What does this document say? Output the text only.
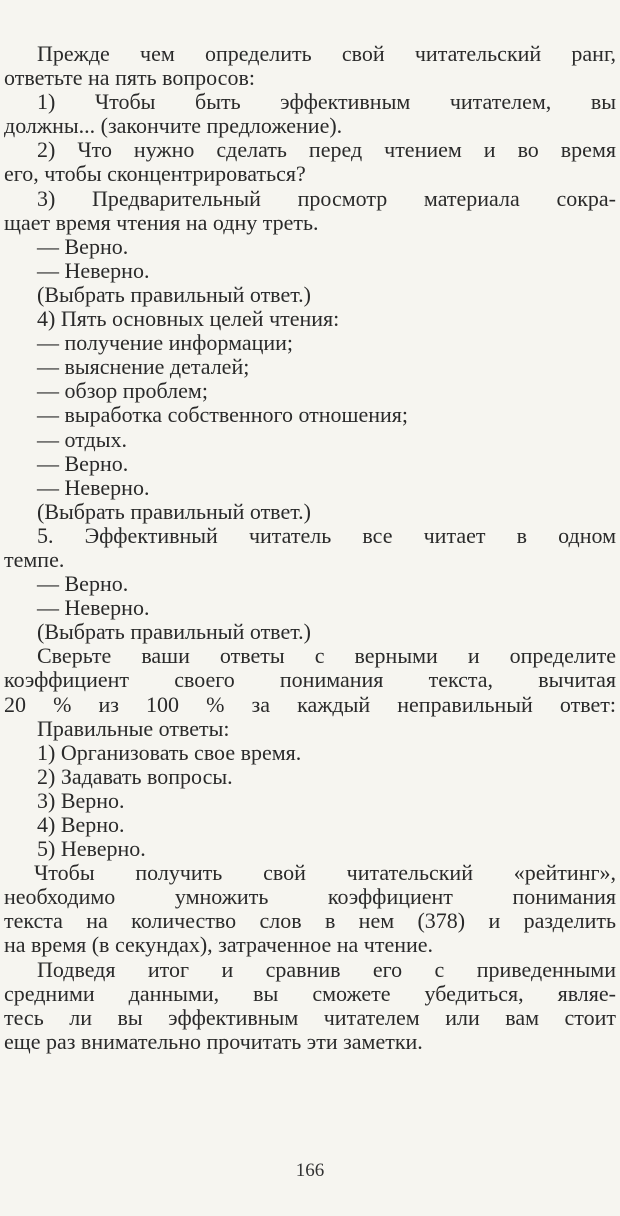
Прежде чем определить свой читательский ранг,
ответьте на пять вопросов:
1) Чтобы быть эффективным читателем, вы
должны... (закончите предложение).
2) Что нужно сделать перед чтением и во время
его, чтобы сконцентрироваться?
3) Предварительный просмотр материала сокра-
щает время чтения на одну треть.
— Верно.
— Неверно.
(Выбрать правильный ответ.)
4) Пять основных целей чтения:
— получение информации;
— выяснение деталей;
— обзор проблем;
— выработка собственного отношения;
— отдых.
— Верно.
— Неверно.
(Выбрать правильный ответ.)
5. Эффективный читатель все читает в одном
темпе.
— Верно.
— Неверно.
(Выбрать правильный ответ.)
Сверьте ваши ответы с верными и определите
коэффициент своего понимания текста, вычитая
20 % из 100 % за каждый неправильный ответ:
Правильные ответы:
1) Организовать свое время.
2) Задавать вопросы.
3) Верно.
4) Верно.
5) Неверно.
Чтобы получить свой читательский «рейтинг»,
необходимо умножить коэффициент понимания
текста на количество слов в нем (378) и разделить
на время (в секундах), затраченное на чтение.
Подведя итог и сравнив его с приведенными
средними данными, вы сможете убедиться, являе-
тесь ли вы эффективным читателем или вам стоит
еще раз внимательно прочитать эти заметки.
166
